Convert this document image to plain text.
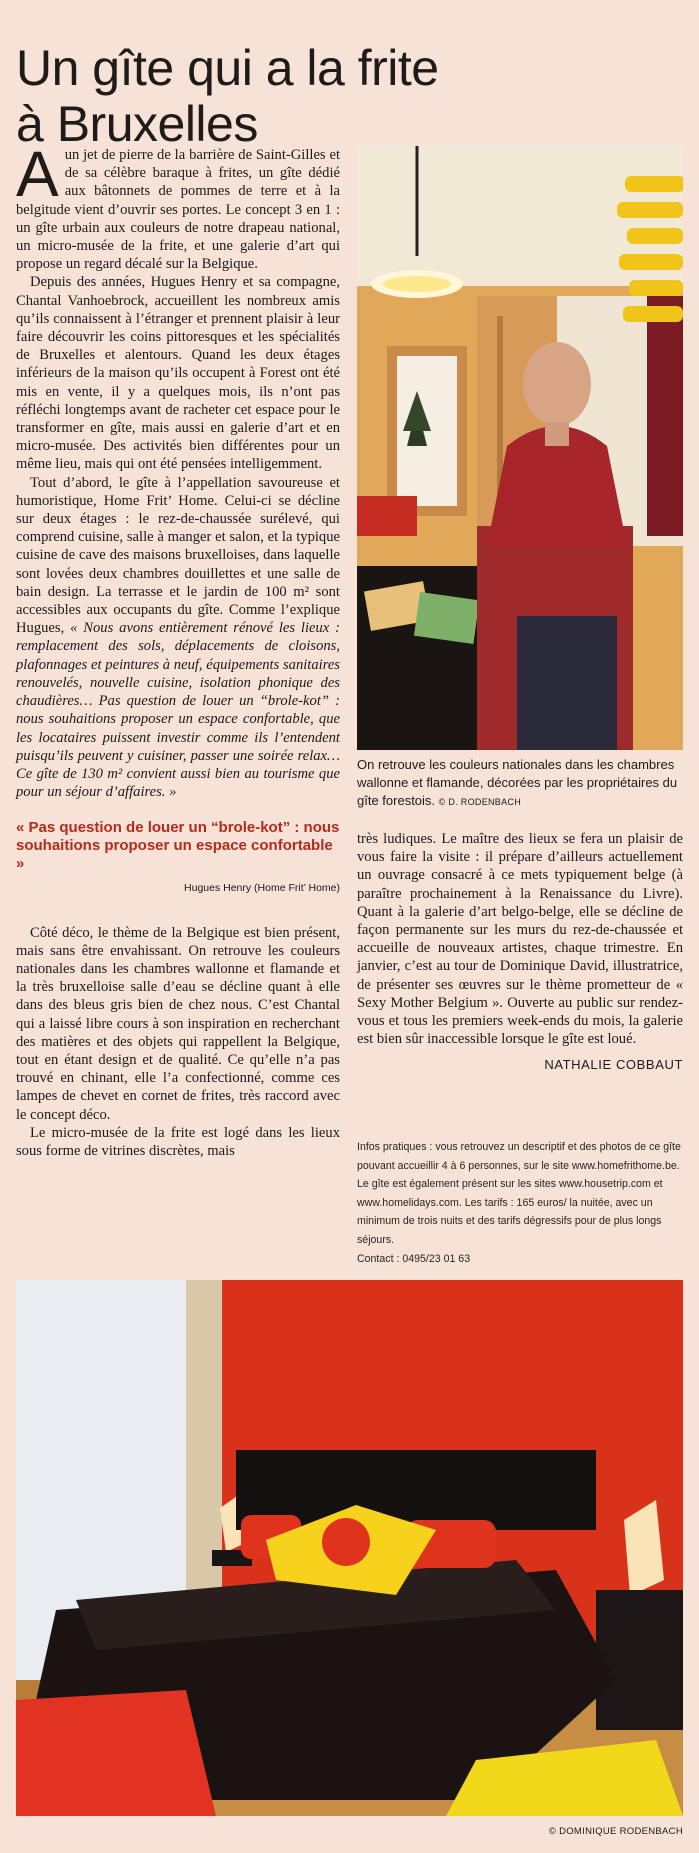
Un gîte qui a la frite
à Bruxelles

Aun jet de pierre de la barrière de Saint-Gilles et de sa célèbre baraque à frites, un gîte dédié aux bâtonnets de pommes de terre et à la belgitude vient d’ouvrir ses portes. Le concept 3 en 1 : un gîte urbain aux couleurs de notre drapeau national, un micro-musée de la frite, et une galerie d’art qui propose un regard décalé sur la Belgique.

Depuis des années, Hugues Henry et sa compagne, Chantal Vanhoebrock, accueillent les nombreux amis qu’ils connaissent à l’étranger et prennent plaisir à leur faire découvrir les coins pittoresques et les spécialités de Bruxelles et alentours. Quand les deux étages inférieurs de la maison qu’ils occupent à Forest ont été mis en vente, il y a quelques mois, ils n’ont pas réfléchi longtemps avant de racheter cet espace pour le transformer en gîte, mais aussi en galerie d’art et en micro-musée. Des activités bien différentes pour un même lieu, mais qui ont été pensées intelligemment.

Tout d’abord, le gîte à l’appellation savoureuse et humoristique, Home Frit’ Home. Celui-ci se décline sur deux étages : le rez-de-chaussée surélevé, qui comprend cuisine, salle à manger et salon, et la typique cuisine de cave des maisons bruxelloises, dans laquelle sont lovées deux chambres douillettes et une salle de bain design. La terrasse et le jardin de 100 m² sont accessibles aux occupants du gîte. Comme l’explique Hugues, « Nous avons entièrement rénové les lieux : remplacement des sols, déplacements de cloisons, plafonnages et peintures à neuf, équipements sanitaires renouvelés, nouvelle cuisine, isolation phonique des chaudières… Pas question de louer un “brole-kot” : nous souhaitions proposer un espace confortable, que les locataires puissent investir comme ils l’entendent puisqu’ils peuvent y cuisiner, passer une soirée relax… Ce gîte de 130 m² convient aussi bien au tourisme que pour un séjour d’affaires. »

« Pas question de louer un “brole-kot” : nous souhaitions proposer un espace confortable »
Hugues Henry (Home Frit’ Home)

Côté déco, le thème de la Belgique est bien présent, mais sans être envahissant. On retrouve les couleurs nationales dans les chambres wallonne et flamande et la très bruxelloise salle d’eau se décline quant à elle dans des bleus gris bien de chez nous. C’est Chantal qui a laissé libre cours à son inspiration en recherchant des matières et des objets qui rappellent la Belgique, tout en étant design et de qualité. Ce qu’elle n’a pas trouvé en chinant, elle l’a confectionné, comme ces lampes de chevet en cornet de frites, très raccord avec le concept déco.

Le micro-musée de la frite est logé dans les lieux sous forme de vitrines discrètes, mais

On retrouve les couleurs nationales dans les chambres wallonne et flamande, décorées par les propriétaires du gîte forestois. © D. RODENBACH

très ludiques. Le maître des lieux se fera un plaisir de vous faire la visite : il prépare d’ailleurs actuellement un ouvrage consacré à ce mets typiquement belge (à paraître prochainement à la Renaissance du Livre). Quant à la galerie d’art belgo-belge, elle se décline de façon permanente sur les murs du rez-de-chaussée et accueille de nouveaux artistes, chaque trimestre. En janvier, c’est au tour de Dominique David, illustratrice, de présenter ses œuvres sur le thème prometteur de « Sexy Mother Belgium ». Ouverte au public sur rendez-vous et tous les premiers week-ends du mois, la galerie est bien sûr inaccessible lorsque le gîte est loué.

NATHALIE COBBAUT
Infos pratiques : vous retrouvez un descriptif et des photos de ce gîte pouvant accueillir 4 à 6 personnes, sur le site www.homefrithome.be. Le gîte est également présent sur les sites www.housetrip.com et www.homelidays.com. Les tarifs : 165 euros/ la nuitée, avec un minimum de trois nuits et des tarifs dégressifs pour de plus longs séjours.
Contact : 0495/23 01 63
© DOMINIQUE RODENBACH
